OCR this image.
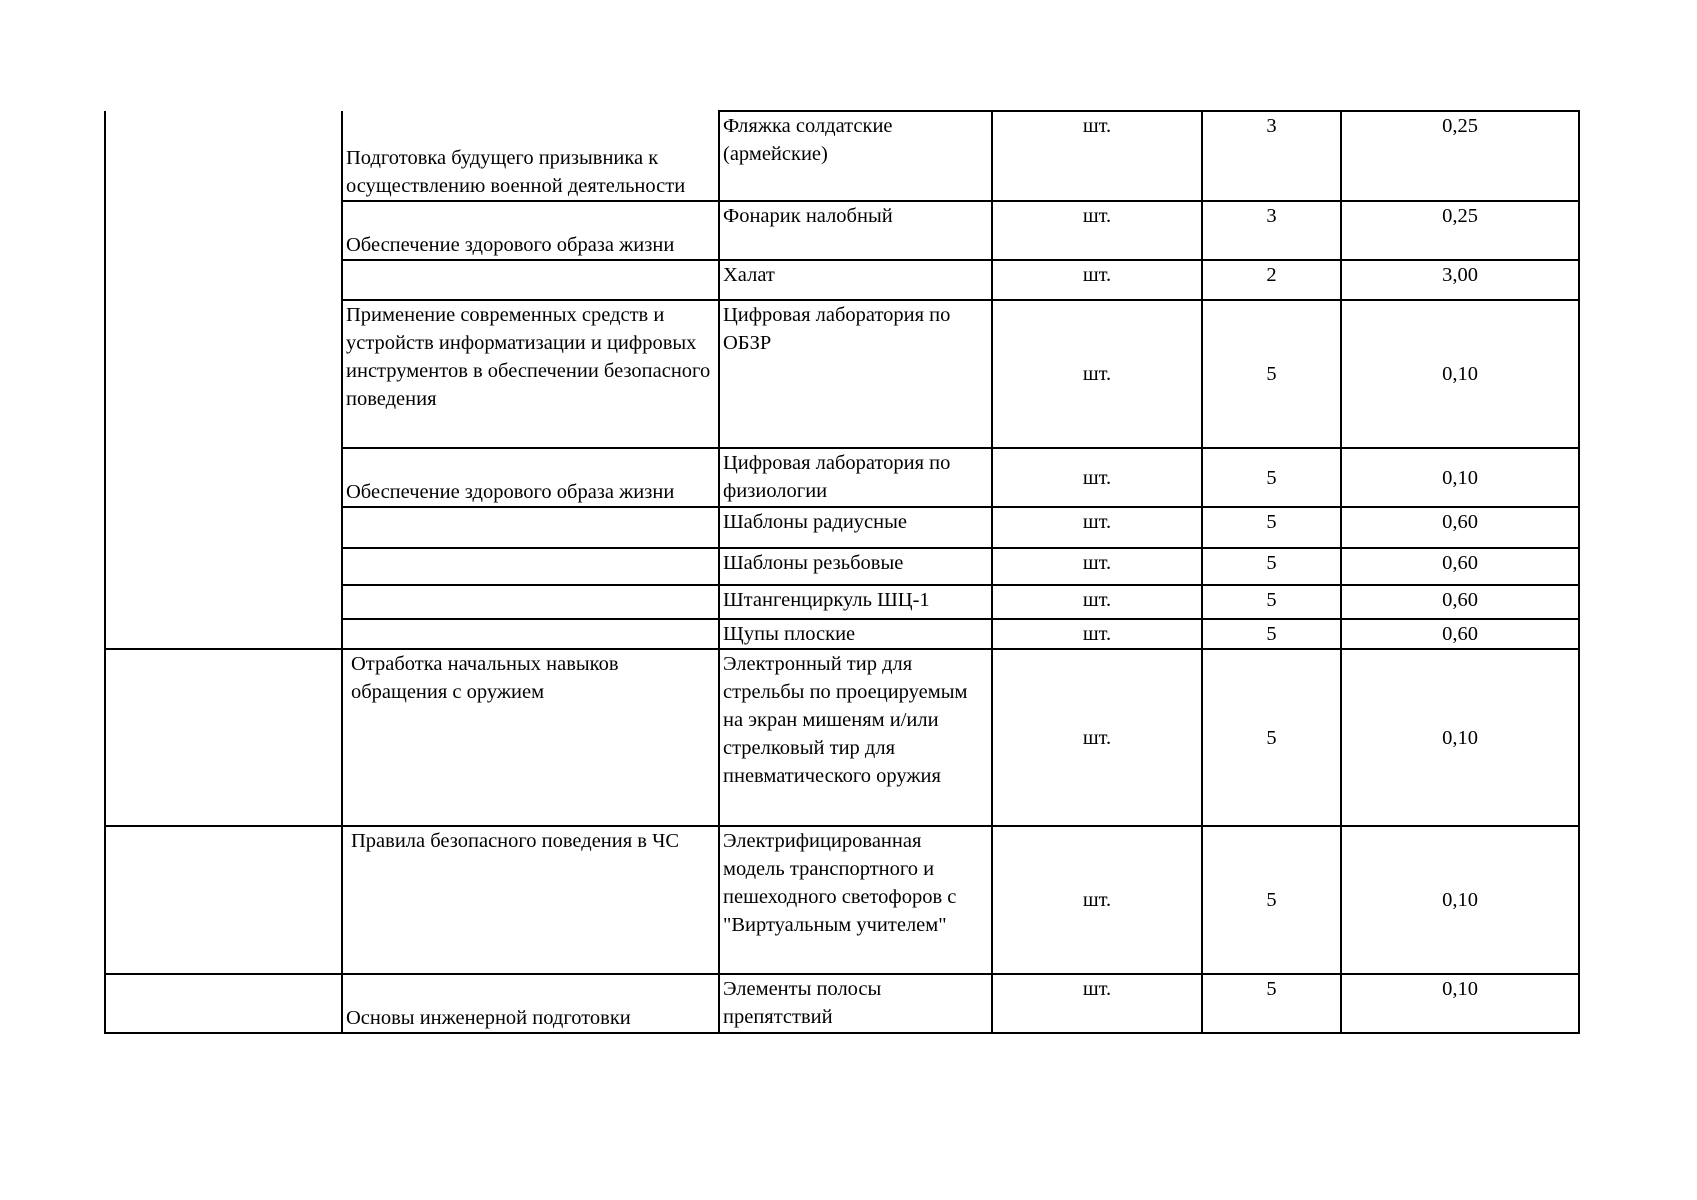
	Подготовка будущего призывника к осуществлению военной деятельности	Фляжка солдатские (армейские)	шт.	3	0,25
	Обеспечение здорового образа жизни	Фонарик налобный	шт.	3	0,25
		Халат	шт.	2	3,00
	Применение современных средств и устройств информатизации и цифровых инструментов в обеспечении безопасного поведения	Цифровая лаборатория по ОБЗР	шт.	5	0,10
	Обеспечение здорового образа жизни	Цифровая лаборатория по физиологии	шт.	5	0,10
		Шаблоны радиусные	шт.	5	0,60
		Шаблоны резьбовые	шт.	5	0,60
		Штангенциркуль ШЦ-1	шт.	5	0,60
		Щупы плоские	шт.	5	0,60
	Отработка начальных навыков обращения с оружием	Электронный тир для стрельбы по проецируемым на экран мишеням и/или стрелковый тир для пневматического оружия	шт.	5	0,10
	Правила безопасного поведения в ЧС	Электрифицированная модель транспортного и пешеходного светофоров с "Виртуальным учителем"	шт.	5	0,10
	Основы инженерной подготовки	Элементы полосы препятствий	шт.	5	0,10
